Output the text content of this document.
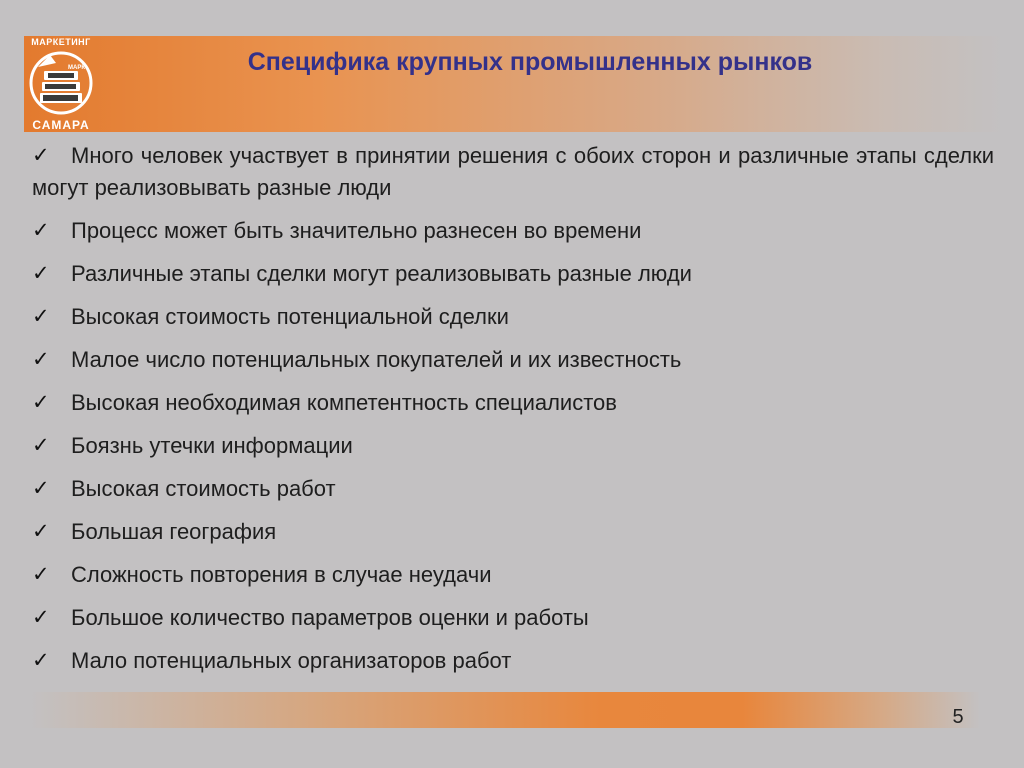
МАРКЕТИНГ
МАРК
САМАРА
Специфика крупных промышленных рынков
✓ Много человек участвует в принятии решения с обоих сторон и различные этапы сделки могут реализовывать разные люди
✓ Процесс может быть значительно разнесен во времени
✓ Различные этапы сделки могут реализовывать разные люди
✓ Высокая стоимость потенциальной сделки
✓ Малое число потенциальных покупателей и их известность
✓ Высокая необходимая компетентность специалистов
✓ Боязнь утечки информации
✓ Высокая стоимость работ
✓ Большая география
✓ Сложность повторения в случае неудачи
✓ Большое количество параметров оценки и работы
✓ Мало потенциальных организаторов работ
5
